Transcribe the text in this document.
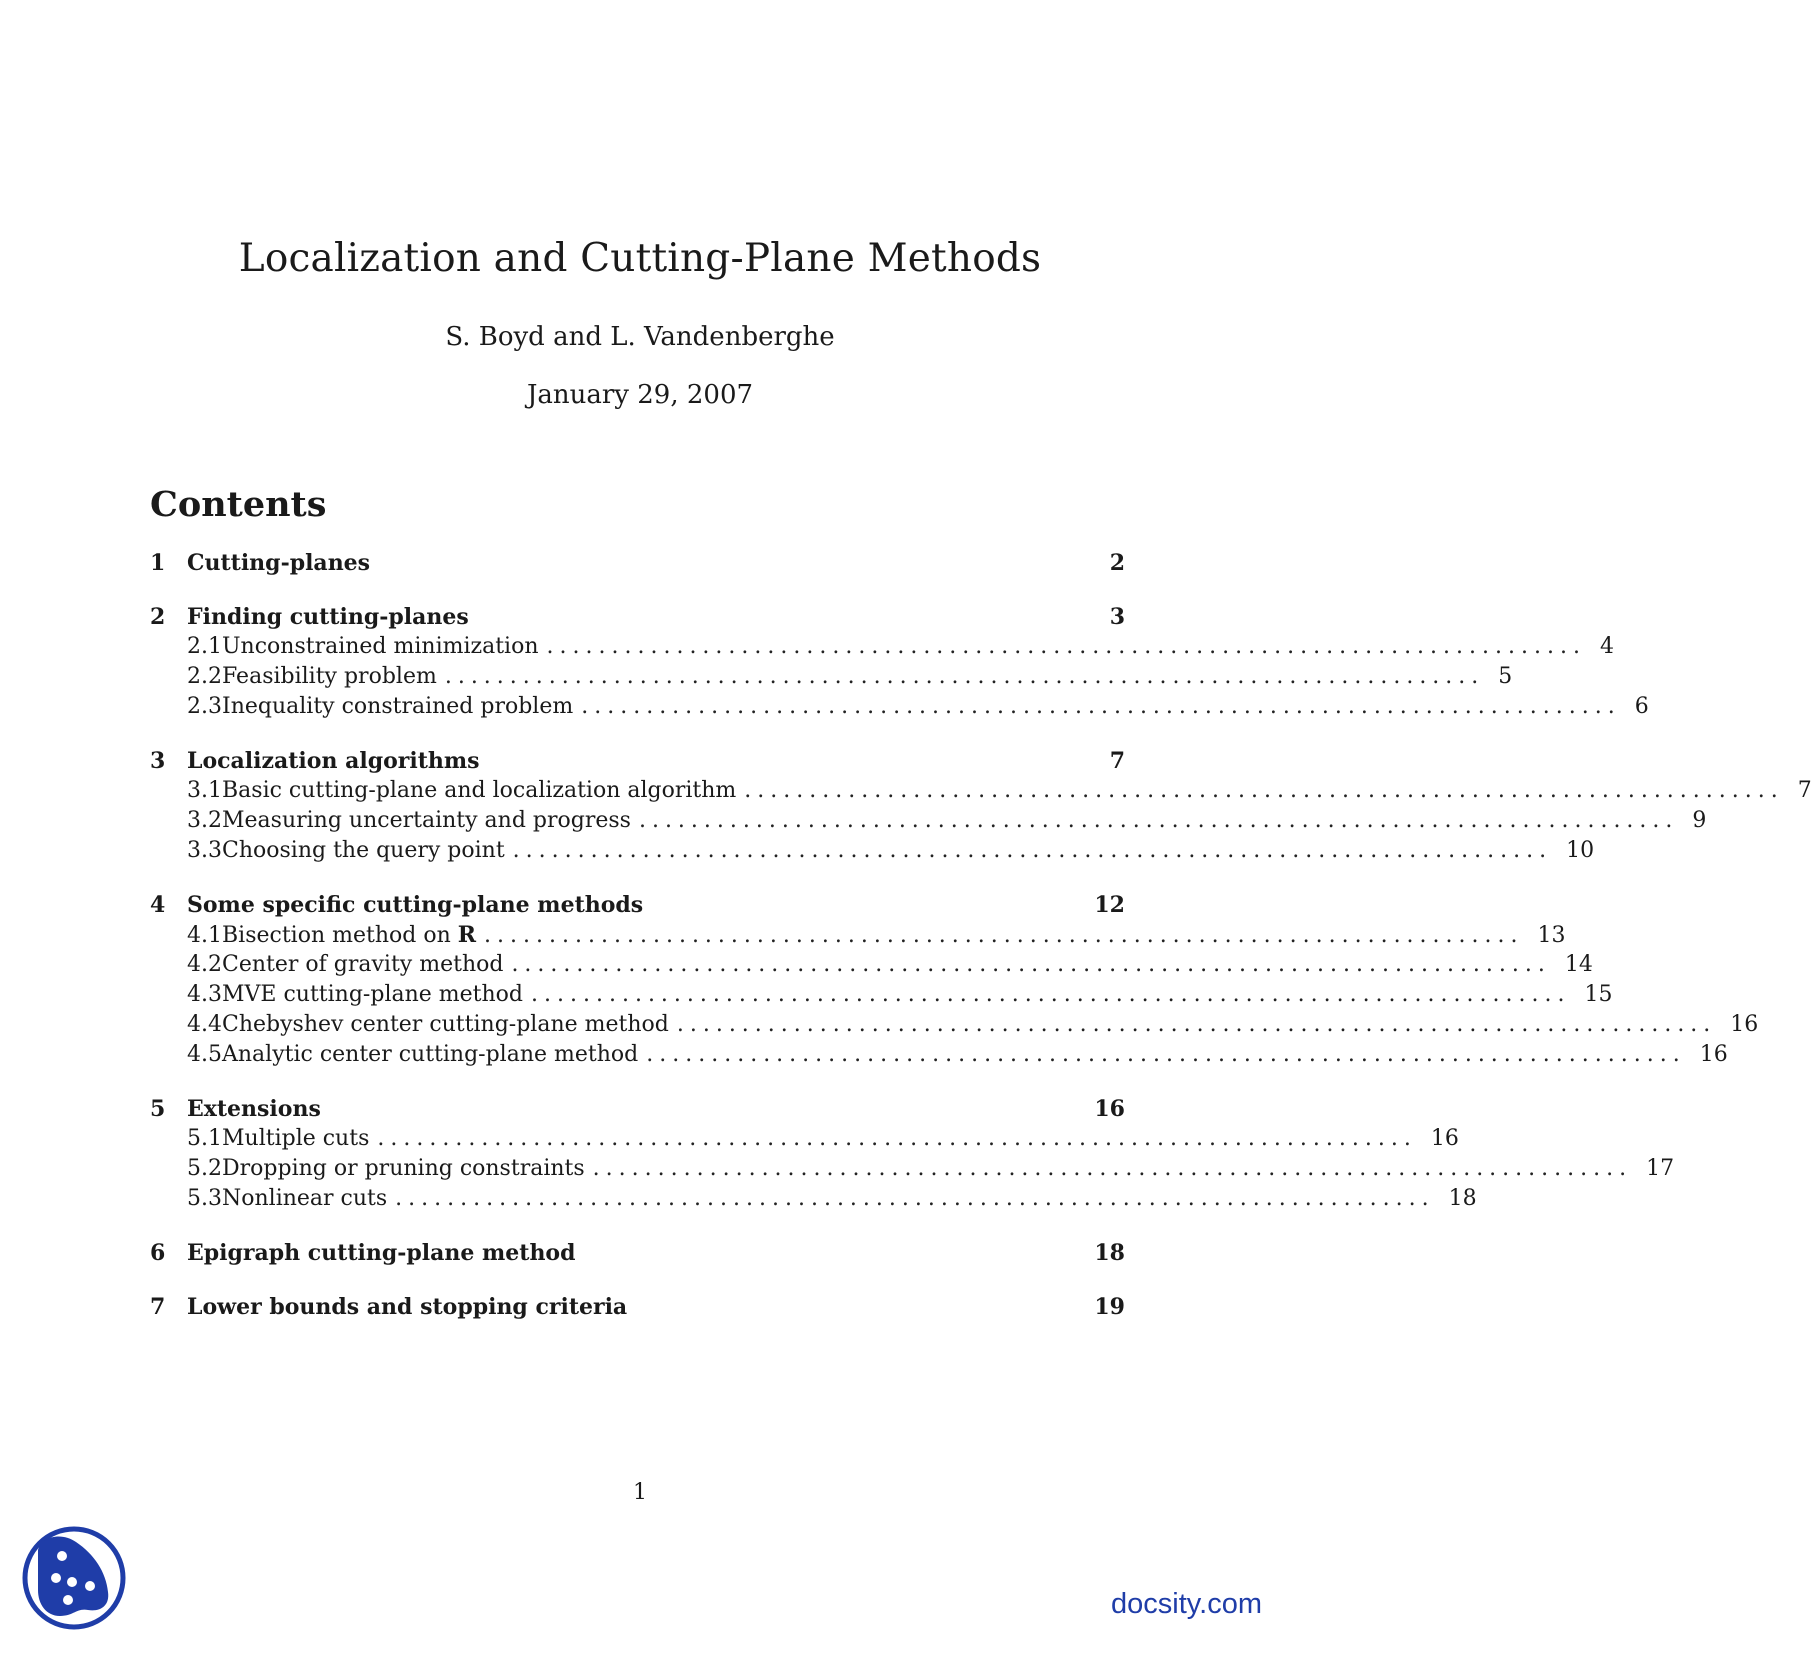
Localization and Cutting-Plane Methods
S. Boyd and L. Vandenberghe
January 29, 2007
Contents
1 Cutting-planes	2
2 Finding cutting-planes	3
2.1 Unconstrained minimization ................................................................................ 4
2.2 Feasibility problem ................................................................................ 5
2.3 Inequality constrained problem ................................................................................ 6
3 Localization algorithms	7
3.1 Basic cutting-plane and localization algorithm ................................................................................ 7
3.2 Measuring uncertainty and progress ................................................................................ 9
3.3 Choosing the query point ................................................................................ 10
4 Some specific cutting-plane methods	12
4.1 Bisection method on R ................................................................................ 13
4.2 Center of gravity method ................................................................................ 14
4.3 MVE cutting-plane method ................................................................................ 15
4.4 Chebyshev center cutting-plane method ................................................................................ 16
4.5 Analytic center cutting-plane method ................................................................................ 16
5 Extensions	16
5.1 Multiple cuts ................................................................................ 16
5.2 Dropping or pruning constraints ................................................................................ 17
5.3 Nonlinear cuts ................................................................................ 18
6 Epigraph cutting-plane method	18
7 Lower bounds and stopping criteria	19
1
docsity.com
